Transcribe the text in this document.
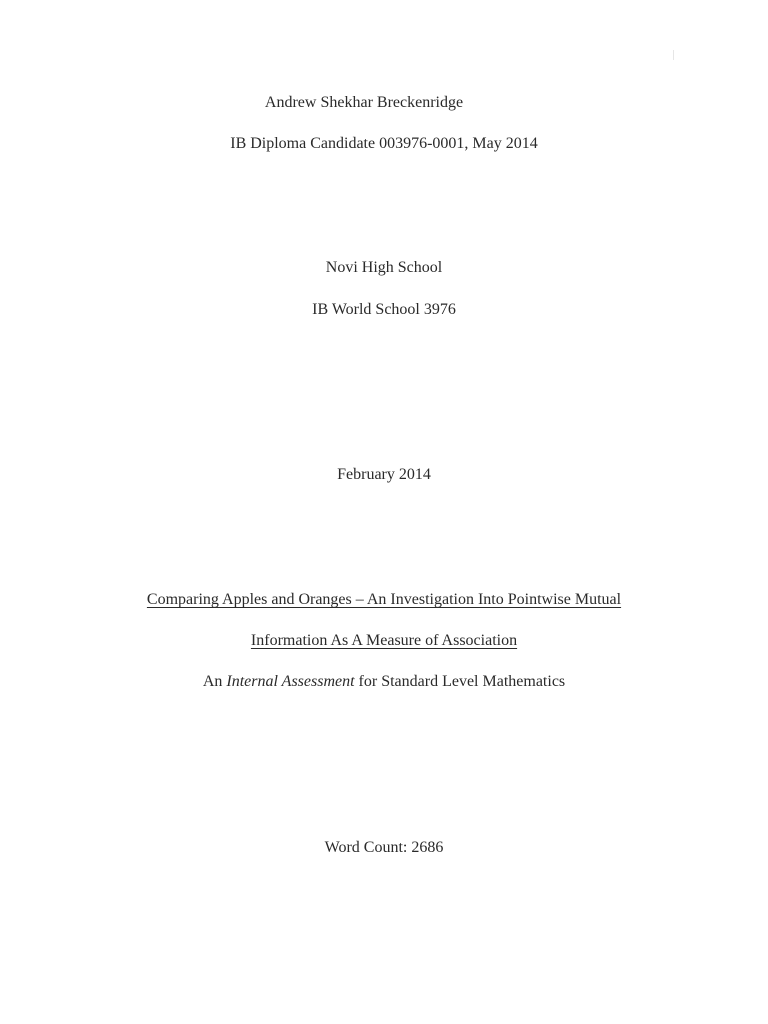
Andrew Shekhar Breckenridge
IB Diploma Candidate 003976-0001, May 2014
Novi High School
IB World School 3976
February 2014
Comparing Apples and Oranges – An Investigation Into Pointwise Mutual
Information As A Measure of Association
An Internal Assessment for Standard Level Mathematics
Word Count: 2686
